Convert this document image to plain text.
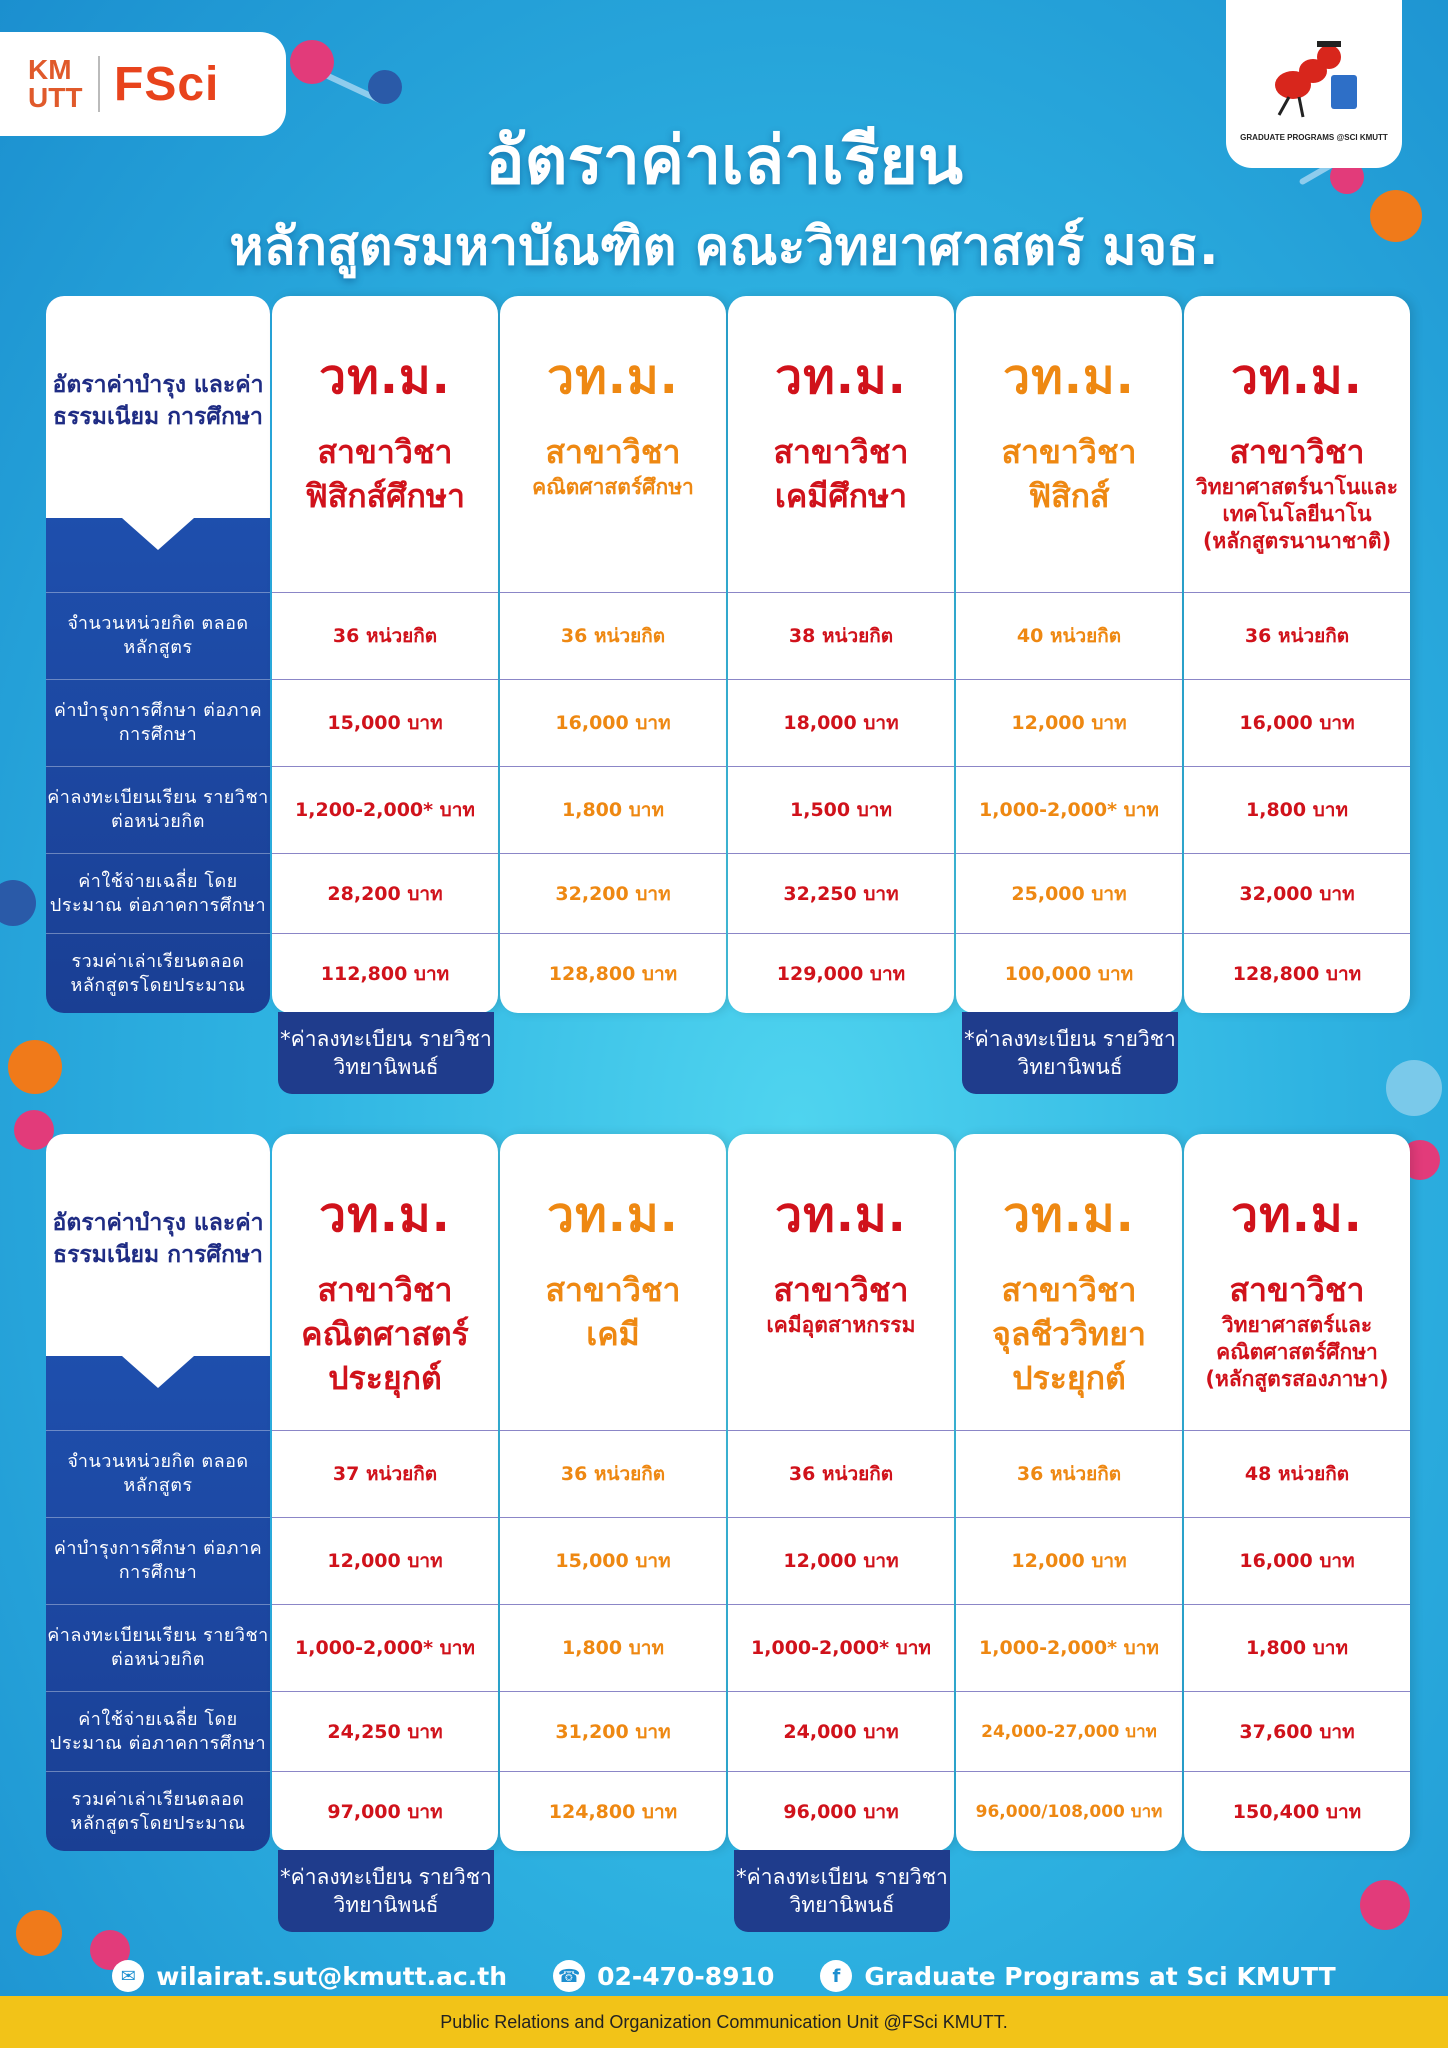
KM UTT FSci
GRADUATE PROGRAMS @SCI KMUTT
อัตราค่าเล่าเรียน
หลักสูตรมหาบัณฑิต คณะวิทยาศาสตร์ มจธ.
อัตราค่าบำรุง และค่าธรรมเนียม การศึกษา
จำนวนหน่วยกิต ตลอดหลักสูตร
ค่าบำรุงการศึกษา ต่อภาคการศึกษา
ค่าลงทะเบียนเรียน รายวิชาต่อหน่วยกิต
ค่าใช้จ่ายเฉลี่ย โดยประมาณ ต่อภาคการศึกษา
รวมค่าเล่าเรียนตลอด หลักสูตรโดยประมาณ
วท.ม.
สาขาวิชา
ฟิสิกส์ศึกษา
36 หน่วยกิต
15,000 บาท
1,200-2,000* บาท
28,200 บาท
112,800 บาท
วท.ม.
สาขาวิชา
คณิตศาสตร์ศึกษา
36 หน่วยกิต
16,000 บาท
1,800 บาท
32,200 บาท
128,800 บาท
วท.ม.
สาขาวิชา
เคมีศึกษา
38 หน่วยกิต
18,000 บาท
1,500 บาท
32,250 บาท
129,000 บาท
วท.ม.
สาขาวิชา
ฟิสิกส์
40 หน่วยกิต
12,000 บาท
1,000-2,000* บาท
25,000 บาท
100,000 บาท
วท.ม.
สาขาวิชา
วิทยาศาสตร์นาโนและ เทคโนโลยีนาโน (หลักสูตรนานาชาติ)
36 หน่วยกิต
16,000 บาท
1,800 บาท
32,000 บาท
128,800 บาท
*ค่าลงทะเบียน รายวิชาวิทยานิพนธ์
*ค่าลงทะเบียน รายวิชาวิทยานิพนธ์
อัตราค่าบำรุง และค่าธรรมเนียม การศึกษา
จำนวนหน่วยกิต ตลอดหลักสูตร
ค่าบำรุงการศึกษา ต่อภาคการศึกษา
ค่าลงทะเบียนเรียน รายวิชาต่อหน่วยกิต
ค่าใช้จ่ายเฉลี่ย โดยประมาณ ต่อภาคการศึกษา
รวมค่าเล่าเรียนตลอด หลักสูตรโดยประมาณ
วท.ม.
สาขาวิชา
คณิตศาสตร์ ประยุกต์
37 หน่วยกิต
12,000 บาท
1,000-2,000* บาท
24,250 บาท
97,000 บาท
วท.ม.
สาขาวิชา
เคมี
36 หน่วยกิต
15,000 บาท
1,800 บาท
31,200 บาท
124,800 บาท
วท.ม.
สาขาวิชา
เคมีอุตสาหกรรม
36 หน่วยกิต
12,000 บาท
1,000-2,000* บาท
24,000 บาท
96,000 บาท
วท.ม.
สาขาวิชา
จุลชีววิทยา ประยุกต์
36 หน่วยกิต
12,000 บาท
1,000-2,000* บาท
24,000-27,000 บาท
96,000/108,000 บาท
วท.ม.
สาขาวิชา
วิทยาศาสตร์และ คณิตศาสตร์ศึกษา (หลักสูตรสองภาษา)
48 หน่วยกิต
16,000 บาท
1,800 บาท
37,600 บาท
150,400 บาท
*ค่าลงทะเบียน รายวิชาวิทยานิพนธ์
*ค่าลงทะเบียน รายวิชาวิทยานิพนธ์
✉ wilairat.sut@kmutt.ac.th	☎ 02-470-8910	f Graduate Programs at Sci KMUTT
Public Relations and Organization Communication Unit @FSci KMUTT.
